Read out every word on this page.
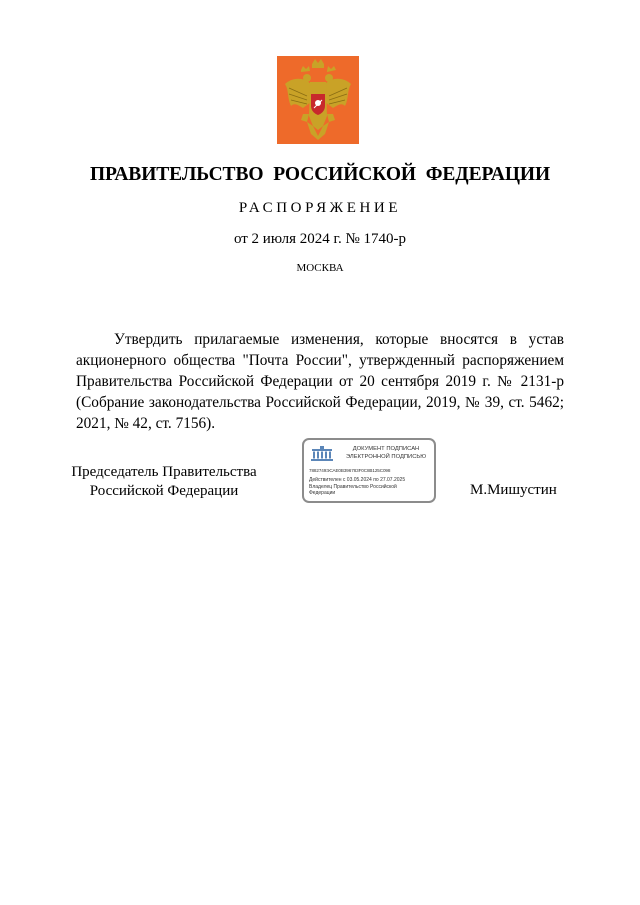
ПРАВИТЕЛЬСТВО РОССИЙСКОЙ ФЕДЕРАЦИИ
РАСПОРЯЖЕНИЕ
от 2 июля 2024 г. № 1740-р
МОСКВА
Утвердить прилагаемые изменения, которые вносятся в устав акционерного общества "Почта России", утвержденный распоряжением Правительства Российской Федерации от 20 сентября 2019 г. № 2131-р (Собрание законодательства Российской Федерации, 2019, № 39, ст. 5462; 2021, № 42, ст. 7156).
Председатель Правительства
Российской Федерации
ДОКУМЕНТ ПОДПИСАН
ЭЛЕКТРОННОЙ ПОДПИСЬЮ
7882749ЭСАЕ0В396783F0С8В125С098
Действителен с 03.05.2024 по 27.07.2025
Владелец Правительство Российской
Федерации	М.Мишустин
